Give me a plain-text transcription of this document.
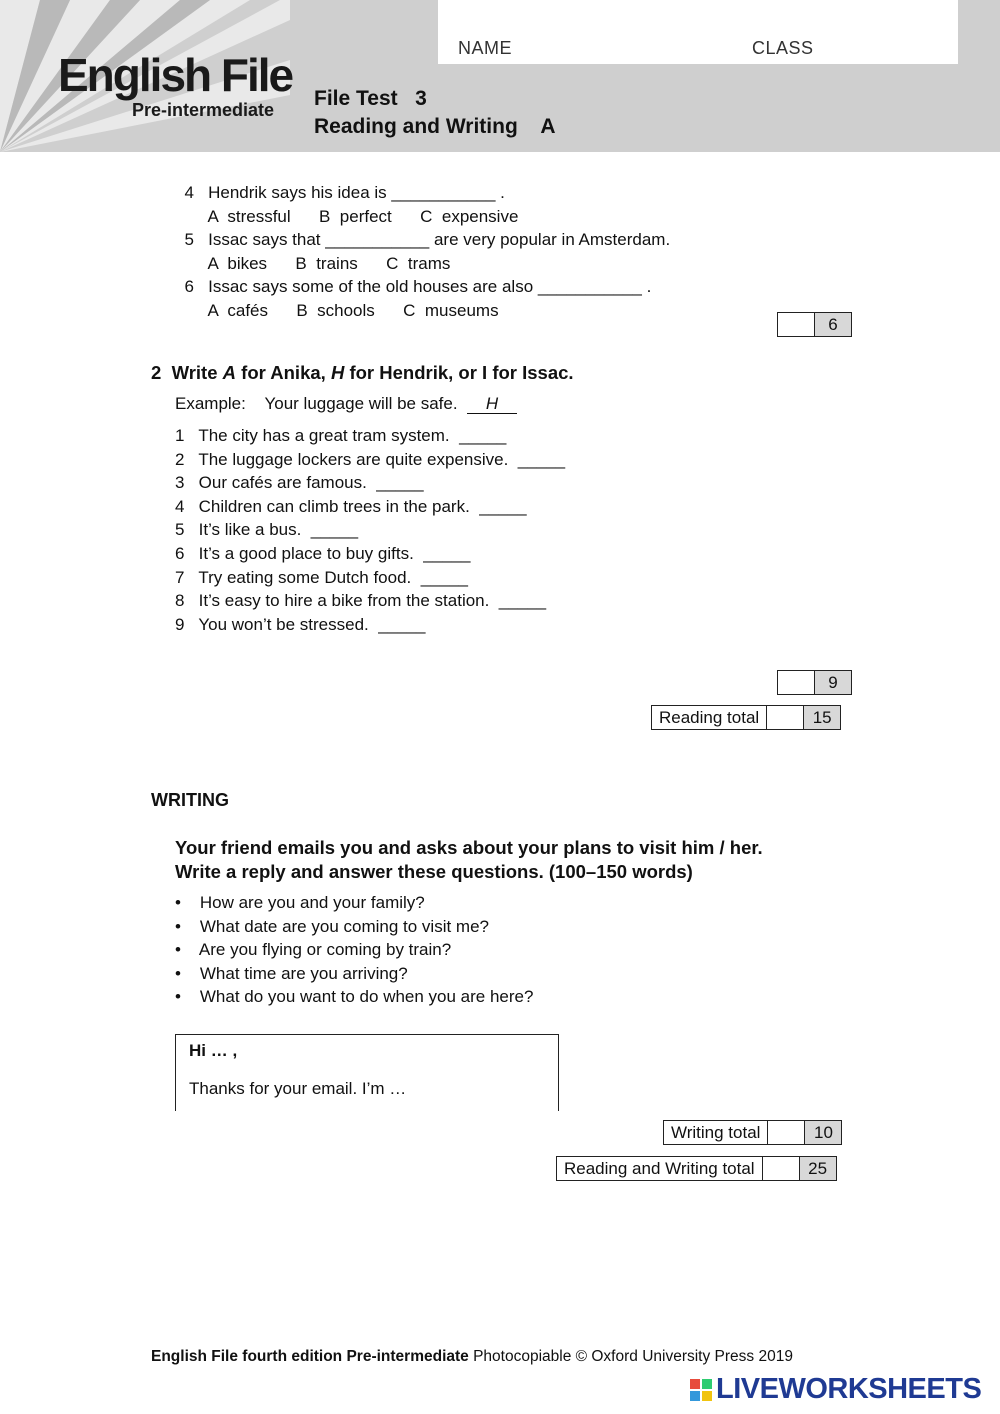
NAME	CLASS
English File
Pre-intermediate File Test   3
Reading and Writing    A

4 Hendrik says his idea is ___________ .

A  stressful B  perfect C  expensive

5 Issac says that ___________ are very popular in Amsterdam.

A  bikes B  trains C  trams

6 Issac says some of the old houses are also ___________ .

A  cafés B  schools C  museums

6
2 Write A for Anika, H for Hendrik, or I for Issac.
Example: Your luggage will be safe. H
1 The city has a great tram system.  _____
2 The luggage lockers are quite expensive.  _____
3 Our cafés are famous.  _____
4 Children can climb trees in the park.  _____
5 It’s like a bus.  _____
6 It’s a good place to buy gifts.  _____
7 Try eating some Dutch food.  _____
8 It’s easy to hire a bike from the station.  _____
9 You won’t be stressed.  _____
9
Reading total	15
WRITING
Your friend emails you and asks about your plans to visit him / her.
Write a reply and answer these questions. (100–150 words)
•    How are you and your family?
•    What date are you coming to visit me?
•    Are you flying or coming by train?
•    What time are you arriving?
•    What do you want to do when you are here?
Hi … ,
Thanks for your email. I’m …
Writing total	10
Reading and Writing total	25
English File fourth edition Pre-intermediate Photocopiable © Oxford University Press 2019
LIVEWORKSHEETS
